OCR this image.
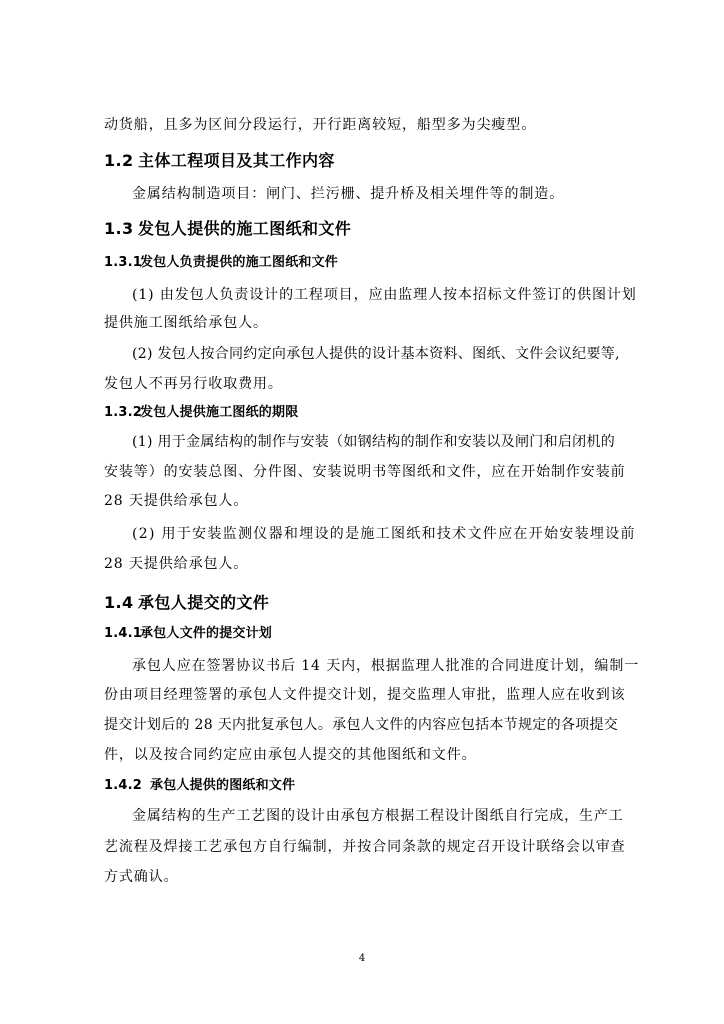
动货船，且多为区间分段运行，开行距离较短，船型多为尖瘦型。
1.2 主体工程项目及其工作内容
金属结构制造项目：闸门、拦污栅、提升桥及相关埋件等的制造。
1.3 发包人提供的施工图纸和文件
1.3.1发包人负责提供的施工图纸和文件
(1) 由发包人负责设计的工程项目，应由监理人按本招标文件签订的供图计划
提供施工图纸给承包人。
(2) 发包人按合同约定向承包人提供的设计基本资料、图纸、文件会议纪要等,
发包人不再另行收取费用。
1.3.2发包人提供施工图纸的期限
(1) 用于金属结构的制作与安装（如钢结构的制作和安装以及闸门和启闭机的
安装等）的安装总图、分件图、安装说明书等图纸和文件，应在开始制作安装前
28 天提供给承包人。
(2) 用于安装监测仪器和埋设的是施工图纸和技术文件应在开始安装埋设前
28 天提供给承包人。
1.4 承包人提交的文件
1.4.1承包人文件的提交计划
承包人应在签署协议书后 14 天内，根据监理人批准的合同进度计划，编制一
份由项目经理签署的承包人文件提交计划，提交监理人审批，监理人应在收到该
提交计划后的 28 天内批复承包人。承包人文件的内容应包括本节规定的各项提交
件，以及按合同约定应由承包人提交的其他图纸和文件。
1.4.2 承包人提供的图纸和文件
金属结构的生产工艺图的设计由承包方根据工程设计图纸自行完成，生产工
艺流程及焊接工艺承包方自行编制，并按合同条款的规定召开设计联络会以审查
方式确认。
4
